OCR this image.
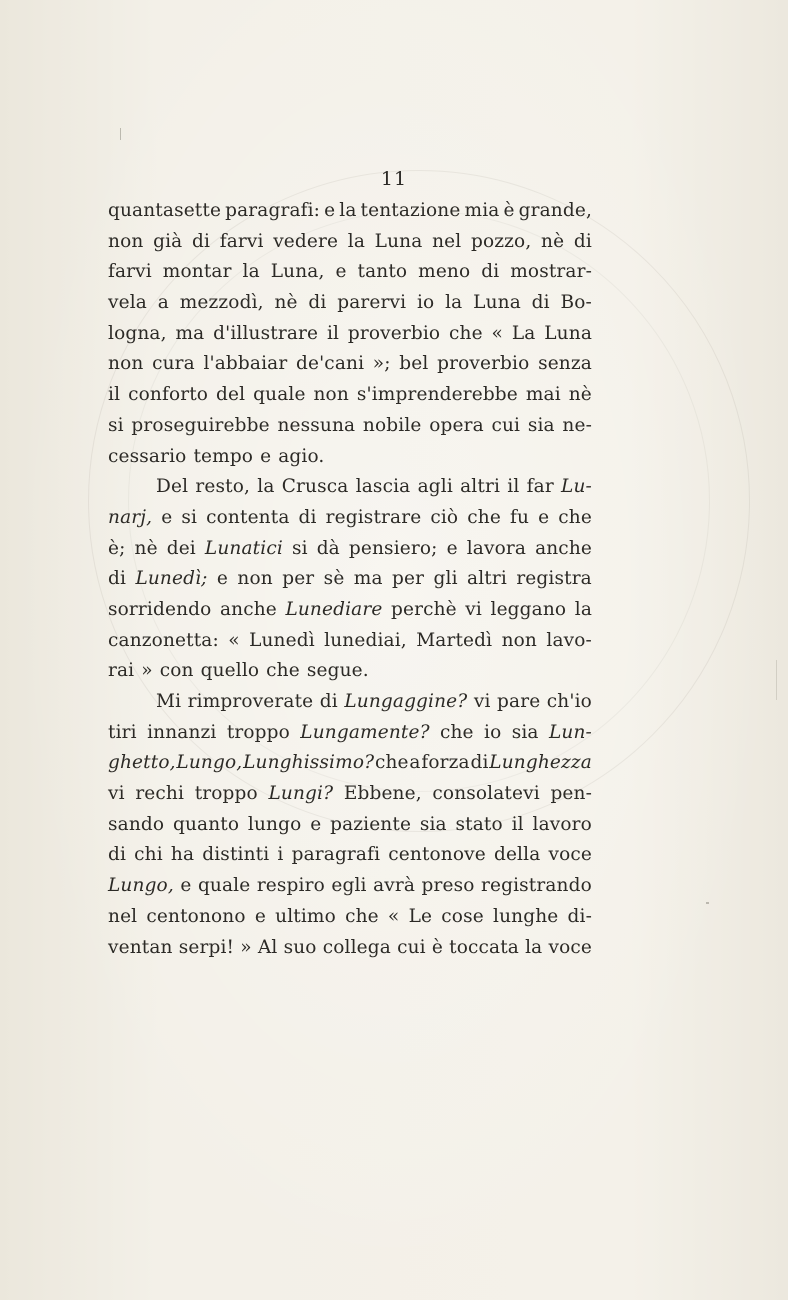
11
quantasette paragrafi: e la tentazione mia è grande,
non già di farvi vedere la Luna nel pozzo, nè di
farvi montar la Luna, e tanto meno di mostrar-
vela a mezzodì, nè di parervi io la Luna di Bo-
logna, ma d'illustrare il proverbio che « La Luna
non cura l'abbaiar de'cani »; bel proverbio senza
il conforto del quale non s'imprenderebbe mai nè
si proseguirebbe nessuna nobile opera cui sia ne-
cessario tempo e agio.
Del resto, la Crusca lascia agli altri il far Lu-
narj, e si contenta di registrare ciò che fu e che
è; nè dei Lunatici si dà pensiero; e lavora anche
di Lunedì; e non per sè ma per gli altri registra
sorridendo anche Lunediare perchè vi leggano la
canzonetta: « Lunedì lunediai, Martedì non lavo-
rai » con quello che segue.
Mi rimproverate di Lungaggine? vi pare ch'io
tiri innanzi troppo Lungamente? che io sia Lun-
ghetto, Lungo, Lunghissimo? che a forza di Lunghezza
vi rechi troppo Lungi? Ebbene, consolatevi pen-
sando quanto lungo e paziente sia stato il lavoro
di chi ha distinti i paragrafi centonove della voce
Lungo, e quale respiro egli avrà preso registrando
nel centonono e ultimo che « Le cose lunghe di-
ventan serpi! » Al suo collega cui è toccata la voce
